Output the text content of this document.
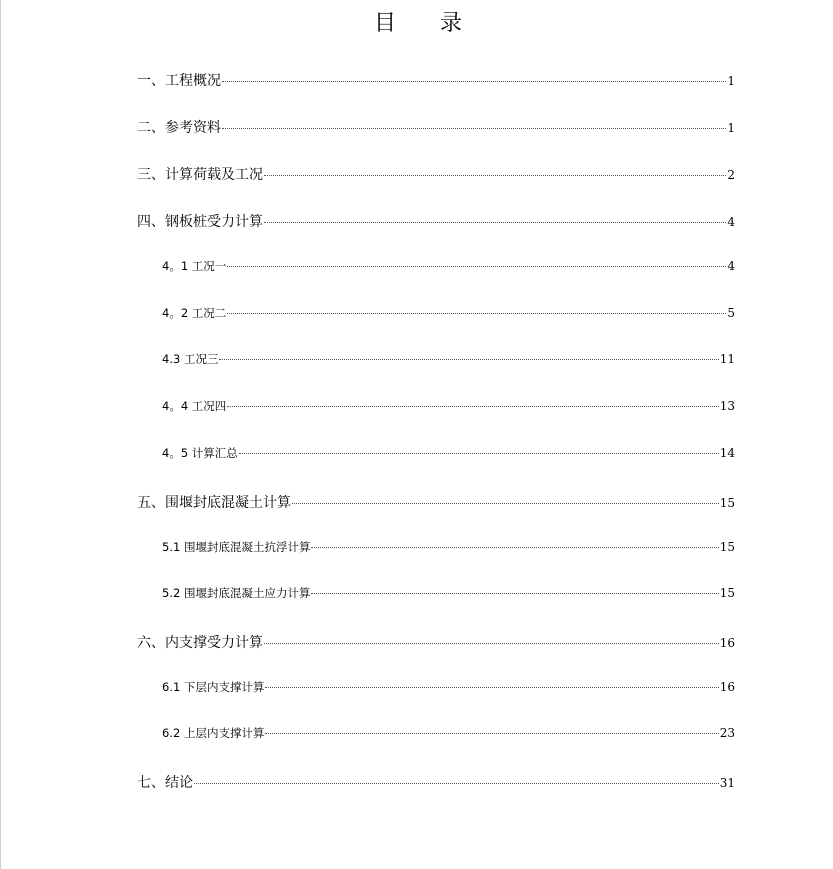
目录
一、工程概况	1
二、参考资料	1
三、计算荷载及工况	2
四、钢板桩受力计算	4
4。1 工况一	4
4。2 工况二	5
4.3 工况三	11
4。4 工况四	13
4。5 计算汇总	14
五、围堰封底混凝土计算	15
5.1 围堰封底混凝土抗浮计算	15
5.2 围堰封底混凝土应力计算	15
六、内支撑受力计算	16
6.1 下层内支撑计算	16
6.2 上层内支撑计算	23
七、结论	31
